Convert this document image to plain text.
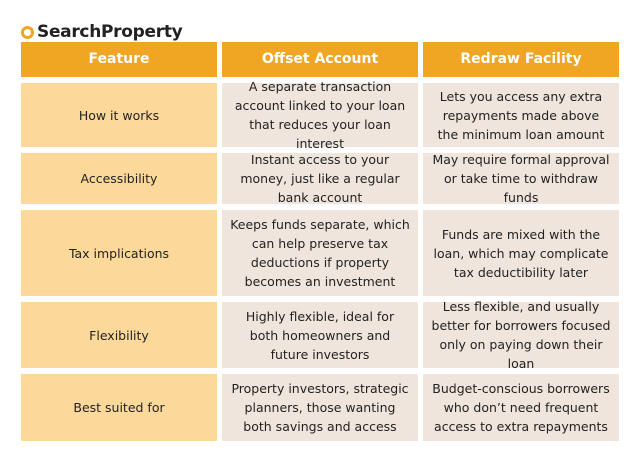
SearchProperty
Feature	Offset Account	Redraw Facility
How it works
A separate transaction account linked to your loan that reduces your loan interest
Lets you access any extra repayments made above the minimum loan amount
Accessibility
Instant access to your money, just like a regular bank account
May require formal approval or take time to withdraw funds
Tax implications
Keeps funds separate, which can help preserve tax deductions if property becomes an investment
Funds are mixed with the loan, which may complicate tax deductibility later
Flexibility
Highly flexible, ideal for both homeowners and future investors
Less flexible, and usually better for borrowers focused only on paying down their loan
Best suited for
Property investors, strategic planners, those wanting both savings and access
Budget-conscious borrowers who don’t need frequent access to extra repayments
